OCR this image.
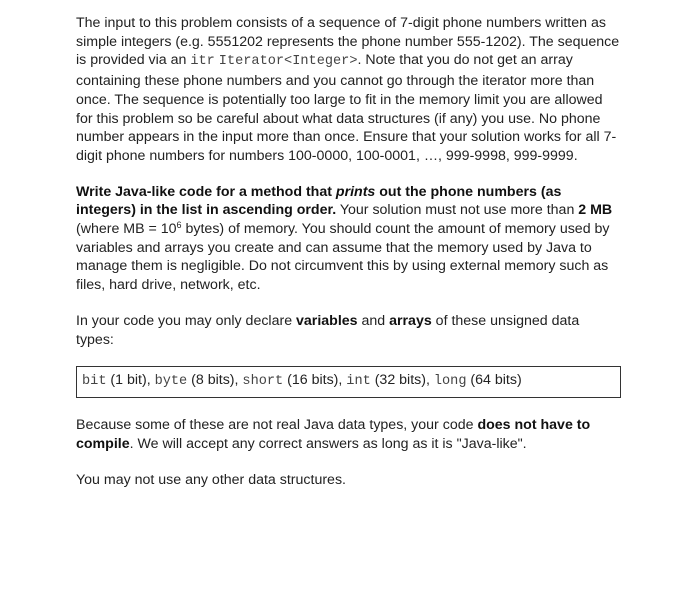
The input to this problem consists of a sequence of 7-digit phone numbers written as simple integers (e.g. 5551202 represents the phone number 555-1202). The sequence is provided via an itr Iterator<Integer>. Note that you do not get an array containing these phone numbers and you cannot go through the iterator more than once. The sequence is potentially too large to fit in the memory limit you are allowed for this problem so be careful about what data structures (if any) you use. No phone number appears in the input more than once. Ensure that your solution works for all 7-digit phone numbers for numbers 100-0000, 100-0001, …, 999-9998, 999-9999.

Write Java-like code for a method that prints out the phone numbers (as integers) in the list in ascending order. Your solution must not use more than 2 MB (where MB = $10^6$ bytes) of memory. You should count the amount of memory used by variables and arrays you create and can assume that the memory used by Java to manage them is negligible. Do not circumvent this by using external memory such as files, hard drive, network, etc.

In your code you may only declare variables and arrays of these unsigned data types:

bit (1 bit), byte (8 bits), short (16 bits), int (32 bits), long (64 bits)

Because some of these are not real Java data types, your code does not have to compile. We will accept any correct answers as long as it is "Java-like".

You may not use any other data structures.
